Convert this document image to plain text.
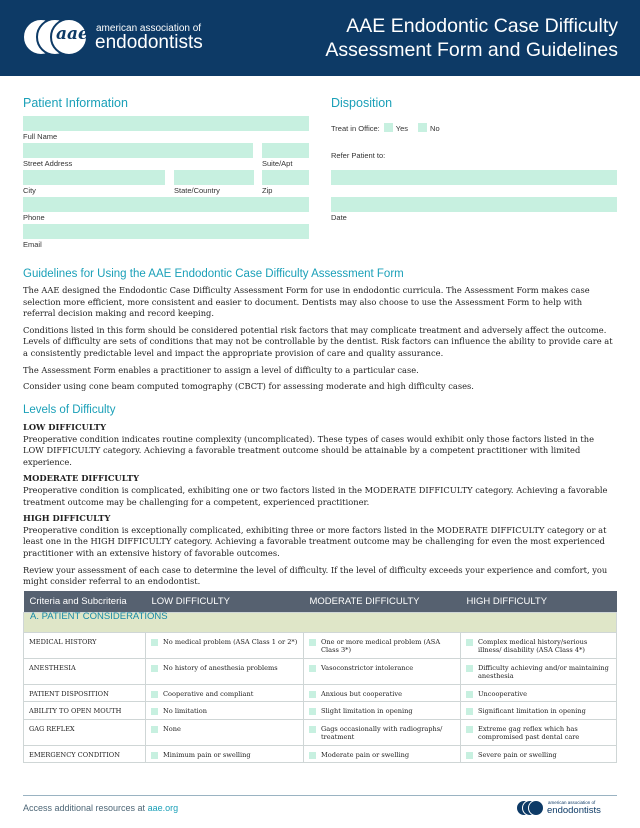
aae american association of
endodontists
AAE Endodontic Case Difficulty
Assessment Form and Guidelines
Patient Information
Full Name
Street Address	Suite/Apt
City	State/Country	Zip
Phone
Email
Disposition
Treat in Office: Yes	No
Refer Patient to:
Date
Guidelines for Using the AAE Endodontic Case Difficulty Assessment Form

The AAE designed the Endodontic Case Difficulty Assessment Form for use in endodontic curricula. The Assessment Form makes case selection more efficient, more consistent and easier to document. Dentists may also choose to use the Assessment Form to help with referral decision making and record keeping.

Conditions listed in this form should be considered potential risk factors that may complicate treatment and adversely affect the outcome. Levels of difficulty are sets of conditions that may not be controllable by the dentist. Risk factors can influence the ability to provide care at a consistently predictable level and impact the appropriate provision of care and quality assurance.

The Assessment Form enables a practitioner to assign a level of difficulty to a particular case.

Consider using cone beam computed tomography (CBCT) for assessing moderate and high difficulty cases.

Levels of Difficulty
LOW DIFFICULTY

Preoperative condition indicates routine complexity (uncomplicated). These types of cases would exhibit only those factors listed in the LOW DIFFICULTY category. Achieving a favorable treatment outcome should be attainable by a competent practitioner with limited experience.

MODERATE DIFFICULTY

Preoperative condition is complicated, exhibiting one or two factors listed in the MODERATE DIFFICULTY category. Achieving a favorable treatment outcome may be challenging for a competent, experienced practitioner.

HIGH DIFFICULTY

Preoperative condition is exceptionally complicated, exhibiting three or more factors listed in the MODERATE DIFFICULTY category or at least one in the HIGH DIFFICULTY category. Achieving a favorable treatment outcome may be challenging for even the most experienced practitioner with an extensive history of favorable outcomes.

Review your assessment of each case to determine the level of difficulty. If the level of difficulty exceeds your experience and comfort, you might consider referral to an endodontist.

Criteria and Subcriteria	LOW DIFFICULTY	MODERATE DIFFICULTY	HIGH DIFFICULTY
A. PATIENT CONSIDERATIONS			
MEDICAL HISTORY	No medical problem (ASA Class 1 or 2*)	One or more medical problem (ASA Class 3*)	Complex medical history/serious illness/ disability (ASA Class 4*)

ANESTHESIA	No history of anesthesia problems	Vasoconstrictor intolerance	Difficulty achieving and/or maintaining anesthesia

PATIENT DISPOSITION	Cooperative and compliant	Anxious but cooperative	Uncooperative

ABILITY TO OPEN MOUTH	No limitation	Slight limitation in opening	Significant limitation in opening

GAG REFLEX	None	Gags occasionally with radiographs/ treatment	Extreme gag reflex which has compromised past dental care

EMERGENCY CONDITION	Minimum pain or swelling	Moderate pain or swelling	Severe pain or swelling
Access additional resources at aae.org
american association of
endodontists
